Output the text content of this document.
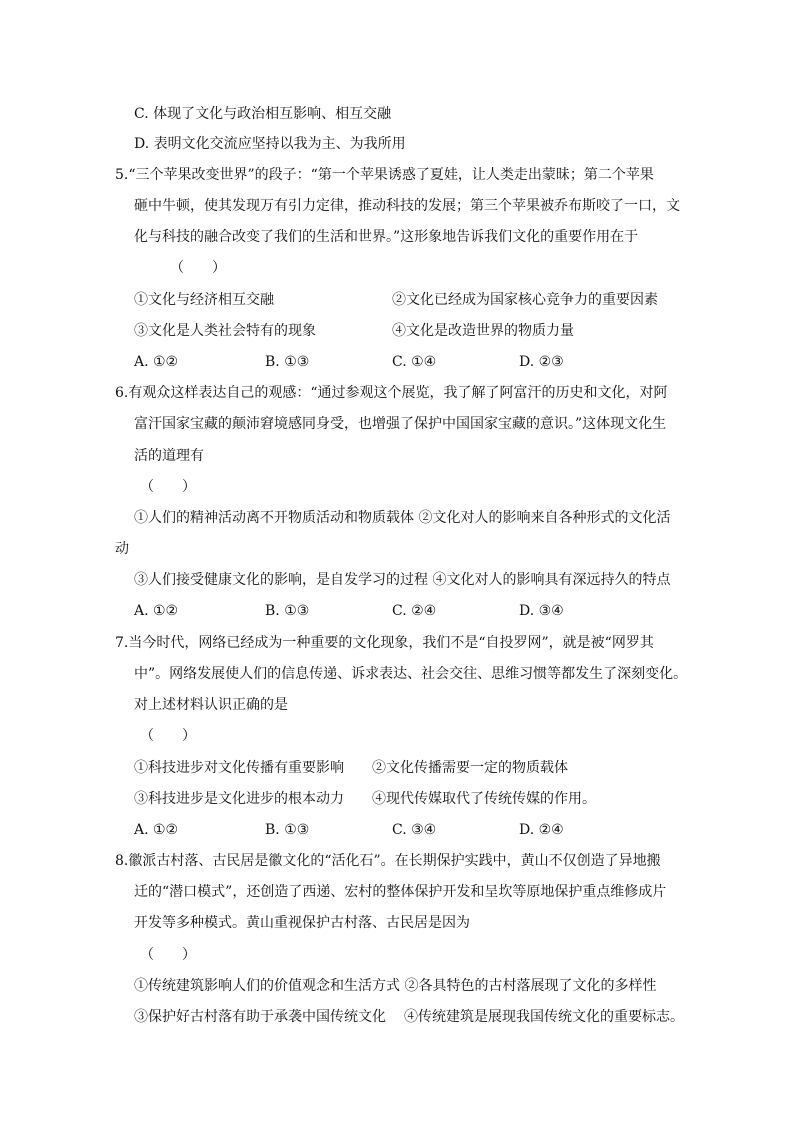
C. 体现了文化与政治相互影响、相互交融
D. 表明文化交流应坚持以我为主、为我所用
5.“三个苹果改变世界”的段子：“第一个苹果诱惑了夏娃，让人类走出蒙昧；第二个苹果
砸中牛顿，使其发现万有引力定律，推动科技的发展；第三个苹果被乔布斯咬了一口，文
化与科技的融合改变了我们的生活和世界。”这形象地告诉我们文化的重要作用在于
（　　）
①文化与经济相互交融	②文化已经成为国家核心竞争力的重要因素
③文化是人类社会特有的现象	④文化是改造世界的物质力量
A. ①②	B. ①③	C. ①④	D. ②③
6.有观众这样表达自己的观感：“通过参观这个展览，我了解了阿富汗的历史和文化，对阿
富汗国家宝藏的颠沛窘境感同身受，也增强了保护中国国家宝藏的意识。”这体现文化生
活的道理有
（　　）
①人们的精神活动离不开物质活动和物质载体 ②文化对人的影响来自各种形式的文化活
动
③人们接受健康文化的影响，是自发学习的过程 ④文化对人的影响具有深远持久的特点
A. ①②	B. ①③	C. ②④	D. ③④
7.当今时代，网络已经成为一种重要的文化现象，我们不是“自投罗网”，就是被“网罗其
中”。网络发展使人们的信息传递、诉求表达、社会交往、思维习惯等都发生了深刻变化。
对上述材料认识正确的是
（　　）
①科技进步对文化传播有重要影响 ②文化传播需要一定的物质载体
③科技进步是文化进步的根本动力 ④现代传媒取代了传统传媒的作用。
A. ①②	B. ①③	C. ③④	D. ②④
8.徽派古村落、古民居是徽文化的“活化石”。在长期保护实践中，黄山不仅创造了异地搬
迁的“潜口模式”，还创造了西递、宏村的整体保护开发和呈坎等原地保护重点维修成片
开发等多种模式。黄山重视保护古村落、古民居是因为
（　　）
①传统建筑影响人们的价值观念和生活方式 ②各具特色的古村落展现了文化的多样性
③保护好古村落有助于承袭中国传统文化 ④传统建筑是展现我国传统文化的重要标志。
